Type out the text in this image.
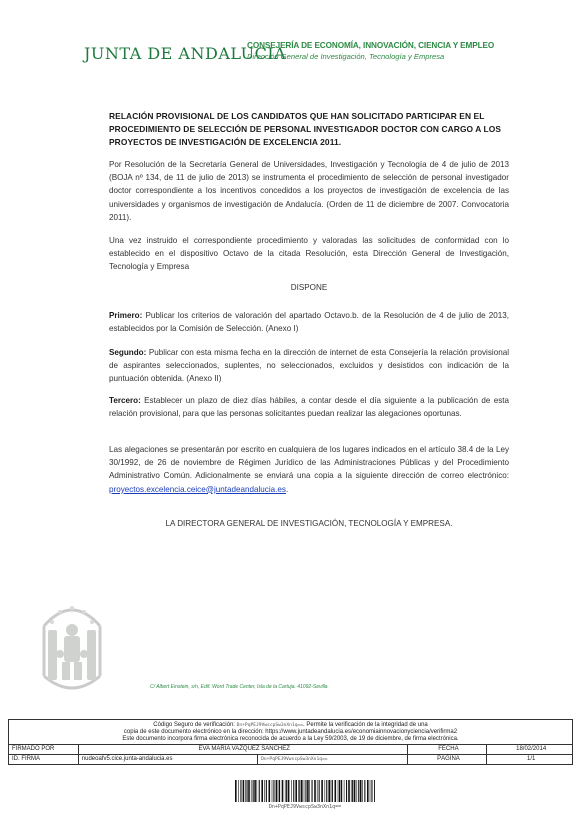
JUNTA DE ANDALUCIA
CONSEJERÍA DE ECONOMÍA, INNOVACIÓN, CIENCIA Y EMPLEO
Dirección General de Investigación, Tecnología y Empresa
RELACIÓN PROVISIONAL DE LOS CANDIDATOS QUE HAN SOLICITADO PARTICIPAR EN EL PROCEDIMIENTO DE SELECCIÓN DE PERSONAL INVESTIGADOR DOCTOR CON CARGO A LOS PROYECTOS DE INVESTIGACIÓN DE EXCELENCIA 2011.
Por Resolución de la Secretaría General de Universidades, Investigación y Tecnología de 4 de julio de 2013 (BOJA nº 134, de 11 de julio de 2013) se instrumenta el procedimiento de selección de personal investigador doctor correspondiente a los incentivos concedidos a los proyectos de investigación de excelencia de las universidades y organismos de investigación de Andalucía. (Orden de 11 de diciembre de 2007. Convocatoria 2011).
Una vez instruido el correspondiente procedimiento y valoradas las solicitudes de conformidad con lo establecido en el dispositivo Octavo de la citada Resolución, esta Dirección General de Investigación, Tecnología y Empresa
DISPONE
Primero: Publicar los criterios de valoración del apartado Octavo.b. de la Resolución de 4 de julio de 2013, establecidos por la Comisión de Selección. (Anexo I)
Segundo: Publicar con esta misma fecha en la dirección de internet de esta Consejería la relación provisional de aspirantes seleccionados, suplentes, no seleccionados, excluidos y desistidos con indicación de la puntuación obtenida. (Anexo II)
Tercero: Establecer un plazo de diez días hábiles, a contar desde el día siguiente a la publicación de esta relación provisional, para que las personas solicitantes puedan realizar las alegaciones oportunas.
Las alegaciones se presentarán por escrito en cualquiera de los lugares indicados en el artículo 38.4 de la Ley 30/1992, de 26 de noviembre de Régimen Jurídico de las Administraciones Públicas y del Procedimiento Administrativo Común. Adicionalmente se enviará una copia a la siguiente dirección de correo electrónico: proyectos.excelencia.ceice@juntadeandalucia.es.
LA DIRECTORA GENERAL DE INVESTIGACIÓN, TECNOLOGÍA Y EMPRESA.
C/ Albert Einstein, s/n, Edif. Word Trade Center, Isla de la Cartuja. 41092-Sevilla
Código Seguro de verificación: Dn+PqPEJ9VwscpSw3nXn1q==. Permite la verificación de la integridad de una
copia de este documento electrónico en la dirección: https://www.juntadeandalucia.es/economiainnovacionyciencia/verifirma2
Este documento incorpora firma electrónica reconocida de acuerdo a la Ley 59/2003, de 19 de diciembre, de firma electrónica.
FIRMADO POR	EVA MARIA VAZQUEZ SANCHEZ	FECHA	18/02/2014
ID. FIRMA	nudeoafv5.cice.junta-andalucia.es	Dn+PqPEJ9VwscpSw3nXn1q==	PÁGINA	1/1
Dn+PqPEJ9VwscpSw3nXn1q==
